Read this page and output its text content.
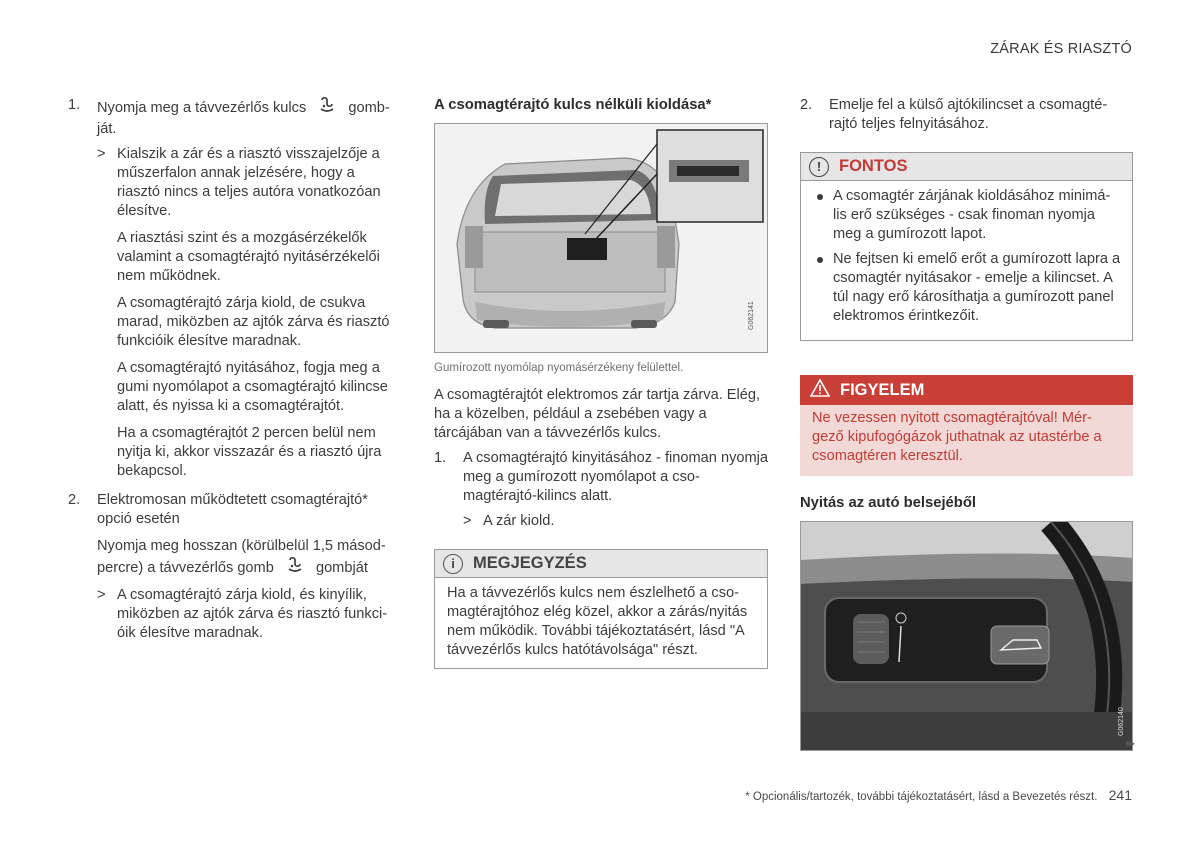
ZÁRAK ÉS RIASZTÓ
1. Nyomja meg a távvezérlős kulcs	gomb-
ját.
> Kialszik a zár és a riasztó visszajelzője a műszerfalon annak jelzésére, hogy a riasztó nincs a teljes autóra vonatkozóan élesítve.
A riasztási szint és a mozgásérzékelők valamint a csomagtérajtó nyitásérzékelői nem működnek.
A csomagtérajtó zárja kiold, de csukva marad, miközben az ajtók zárva és riasztó funkcióik élesítve maradnak.
A csomagtérajtó nyitásához, fogja meg a gumi nyomólapot a csomagtérajtó kilincse alatt, és nyissa ki a csomagtérajtót.
Ha a csomagtérajtót 2 percen belül nem nyitja ki, akkor visszazár és a riasztó újra bekapcsol.
2. Elektromosan működtetett csomagtérajtó* opció esetén
Nyomja meg hosszan (körülbelül 1,5 másod-
percre) a távvezérlős gomb	gombját
> A csomagtérajtó zárja kiold, és kinyílik, miközben az ajtók zárva és riasztó funkci-óik élesítve maradnak.
A csomagtérajtó kulcs nélküli kioldása*
G062141
Gumírozott nyomólap nyomásérzékeny felülettel.
A csomagtérajtót elektromos zár tartja zárva. Elég, ha a közelben, például a zsebében vagy a tárcájában van a távvezérlős kulcs.
1. A csomagtérajtó kinyitásához - finoman nyomja meg a gumírozott nyomólapot a cso-magtérajtó-kilincs alatt.
> A zár kiold.
i	MEGJEGYZÉS
Ha a távvezérlős kulcs nem észlelhető a cso-magtérajtóhoz elég közel, akkor a zárás/nyitás nem működik. További tájékoztatásért, lásd "A távvezérlős kulcs hatótávolsága" részt.
2. Emelje fel a külső ajtókilincset a csomagté-rajtó teljes felnyitásához.
!	FONTOS
A csomagtér zárjának kioldásához minimá-lis erő szükséges - csak finoman nyomja meg a gumírozott lapot.
Ne fejtsen ki emelő erőt a gumírozott lapra a csomagtér nyitásakor - emelje a kilincset. A túl nagy erő károsíthatja a gumírozott panel elektromos érintkezőit.
FIGYELEM
Ne vezessen nyitott csomagtérajtóval! Mér-gező kipufogógázok juthatnak az utastérbe a csomagtéren keresztül.
Nyitás az autó belsejéből
G062140
▸▸
* Opcionális/tartozék, további tájékoztatásért, lásd a Bevezetés részt. 241
